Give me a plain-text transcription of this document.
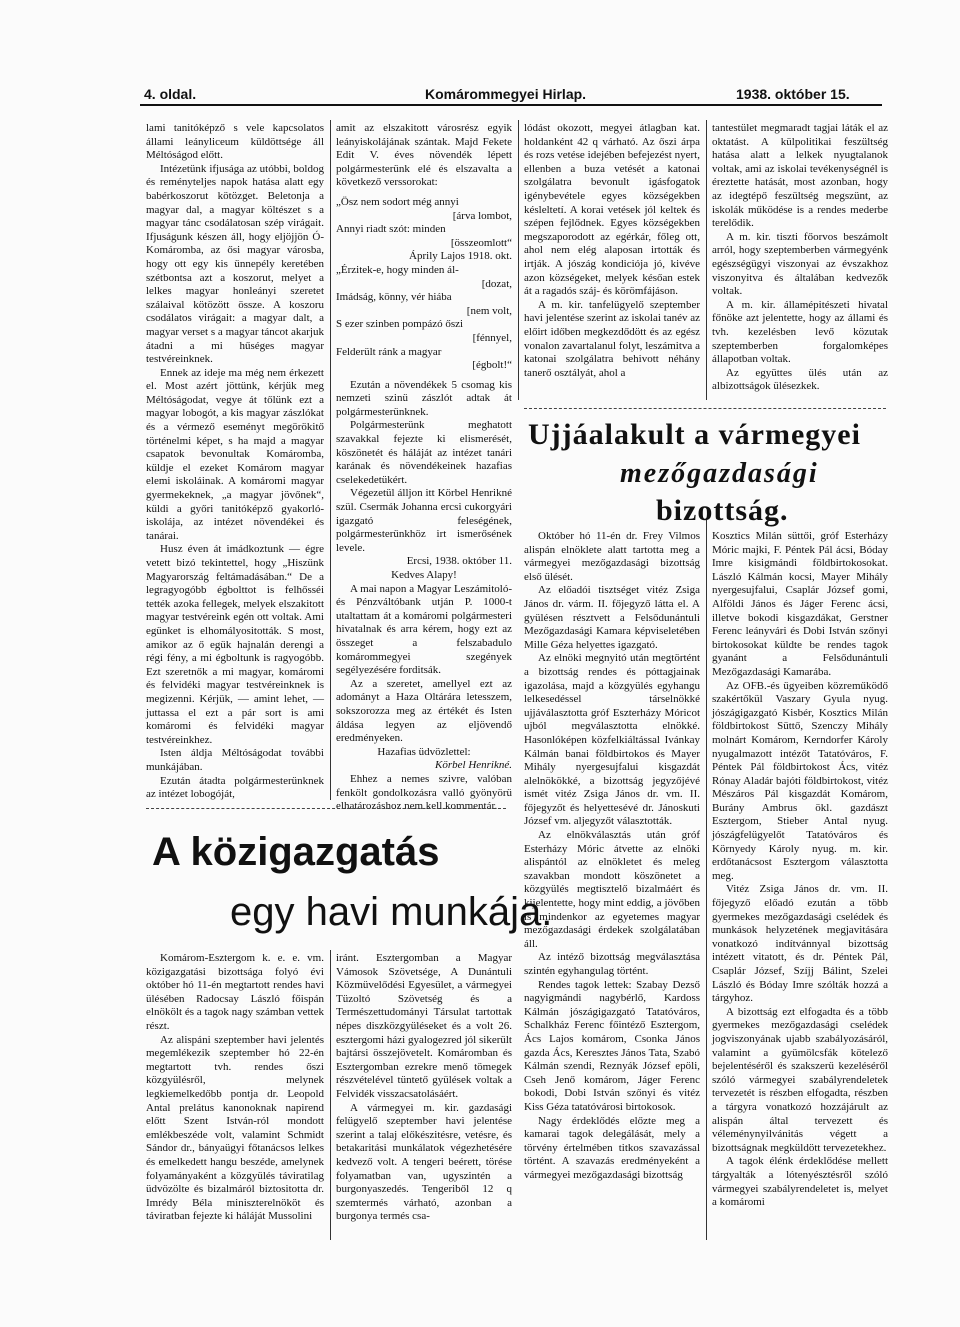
4. oldal.	Komárommegyei Hirlap.	1938. október 15.

lami tanitóképző s vele kapcsolatos állami leányliceum küldöttsége áll Méltóságod előtt.

Intézetünk ifjusága az utóbbi, boldog és reményteljes napok hatása alatt egy babérkoszorut kötözget. Beletonja a magyar dal, a magyar költészet s a magyar tánc csodálatosan szép virágait. Ifjuságunk készen áll, hogy eljöjjön Ó-Komáromba, az ősi magyar városba, hogy ott egy kis ünnepély keretében szétbontsa azt a koszorut, melyet a lelkes magyar honleányi szeretet szálaival kötözött össze. A koszoru csodálatos virágait: a magyar dalt, a magyar verset s a magyar táncot akarjuk átadni a mi hűséges magyar testvéreinknek.

Ennek az ideje ma még nem érkezett el. Most azért jöttünk, kérjük meg Méltóságodat, vegye át tőlünk ezt a magyar lobogót, a kis magyar zászlókat és a vérmező eseményt megörökitő történelmi képet, s ha majd a magyar csapatok bevonultak Komáromba, küldje el ezeket Komárom magyar elemi iskoláinak. A komáromi magyar gyermekeknek, „a magyar jövőnek“, küldi a győri tanitóképző gyakorló-iskolája, az intézet növendékei és tanárai.

Husz éven át imádkoztunk — égre vetett bizó tekintettel, hogy „Hiszünk Magyarország feltámadásában.“ De a legragyogóbb égbolttot is felhősséi tették azoka fellegek, melyek elszakitott magyar testvéreink egén ott voltak. Ami egünket is elhomályositották. S most, amikor az ő egük hajnalán derengi a régi fény, a mi égboltunk is ragyogóbb. Ezt szeretnők a mi magyar, komáromi és felvidéki magyar testvéreinknek is megizenni. Kérjük, — amint lehet, — juttassa el ezt a pár sort is ami komáromi és felvidéki magyar testvéreinkhez.

Isten áldja Méltóságodat további munkájában.

Ezután átadta polgármesterünknek az intézet lobogóját,

amit az elszakitott városrész egyik leányiskolájának szántak. Majd Fekete Edit V. éves növendék lépett polgármesterünk elé és elszavalta a következő verssorokat:

„Ösz nem sodort még annyi

[árva lombot,

Annyi riadt szót: minden

[összeomlott“

Áprily Lajos 1918. okt.

„Érzitek-e, hogy minden ál-

[dozat,

Imádság, könny, vér hiába

[nem volt,

S ezer szinben pompázó őszi

[fénnyel,

Felderült ránk a magyar

[égbolt!“

Ezután a növendékek 5 csomag kis nemzeti szinü zászlót adtak át polgármesterünknek.

Polgármesterünk meghatott szavakkal fejezte ki elismerését, köszönetét és háláját az intézet tanári karának és növendékeinek hazafias cselekedetükért.

Végezetül álljon itt Körbel Henrikné szül. Csermák Johanna ercsi cukorgyári igazgató feleségének, polgármesterünkhöz irt ismerősének levele.

Ercsi, 1938. október 11.

Kedves Alapy!

A mai napon a Magyar Leszámitoló- és Pénzváltóbank utján P. 1000-t utaltattam át a komáromi polgármesteri hivatalnak és arra kérem, hogy ezt az összeget a felszabadulo komárommegyei szegények segélyezésére forditsák.

Az a szeretet, amellyel ezt az adományt a Haza Oltárára letesszem, sokszorozza meg az értékét és Isten áldása legyen az eljövendő eredményeken.

Hazafias üdvözlettel:

Körbel Henrikné.

Ehhez a nemes szivre, valóban fenkölt gondolkozásra valló gyönyörü elhatározáshoz nem kell kommentár.

lódást okozott, megyei átlagban kat. holdanként 42 q várható. Az őszi árpa és rozs vetése idejében befejezést nyert, ellenben a buza vetését a katonai szolgálatra bevonult igásfogatok igénybevétele egyes községekben késleltetí. A korai vetések jól keltek és szépen fejlődnek. Egyes községekben megszaporodott az egérkár, főleg ott, ahol nem elég alaposan irtották és irtják. A jószág kondiciója jó, kivéve azon községeket, melyek későan estek át a ragadós száj- és körömfájáson.

A m. kir. tanfelügyelő szeptember havi jelentése szerint az iskolai tanév az előirt időben megkezdődött és az egész vonalon zavartalanul folyt, leszámitva a katonai szolgálatra behivott néhány tanerő osztályát, ahol a

tantestület megmaradt tagjai láták el az oktatást. A külpolitikai feszültség hatása alatt a lelkek nyugtalanok voltak, ami az iskolai tevékenységnél is éreztette hatását, most azonban, hogy az idegtépő feszültség megszünt, az iskolák működése is a rendes mederbe terelődik.

A m. kir. tiszti főorvos beszámolt arról, hogy szeptemberben vármegyénk egészségügyi viszonyai az évszakhoz viszonyitva és általában kedvezők voltak.

A m. kir. államépitészeti hivatal főnöke azt jelentette, hogy az állami és tvh. kezelésben levő közutak szeptemberben forgalomképes állapotban voltak.

Az együttes ülés után az albizottságok ülésezkek.

A közigazgatás
egy havi munkája.
Ujjáalakult a vármegyei
mezőgazdasági
bizottság.

Komárom-Esztergom k. e. e. vm. közigazgatási bizottsága folyó évi október hó 11-én megtartott rendes havi ülésében Radocsay László főispán elnökölt és a tagok nagy számban vettek részt.

Az alispáni szeptember havi jelentés megemlékezik szeptember hó 22-én megtartott tvh. rendes őszi közgyülésről, melynek legkiemelkedőbb pontja dr. Leopold Antal prelátus kanonoknak napirend előtt Szent István-ról mondott emlékbeszéde volt, valamint Schmidt Sándor dr., bányaügyi főtanácsos lelkes és emelkedett hangu beszéde, amelynek folyamányaként a közgyülés táviratilag üdvözölte és bizalmáról biztositotta dr. Imrédy Béla miniszterelnököt és táviratban fejezte ki háláját Mussolini

iránt. Esztergomban a Magyar Vámosok Szövetsége, A Dunántuli Közmüvelődési Egyesület, a vármegyei Tüzoltó Szövetség és a Természettudományi Társulat tartottak népes diszközgyüléseket és a volt 26. esztergomi házi gyalogezred jól sikerült bajtársi összejövetelt. Komáromban és Esztergomban ezrekre menő tömegek részvételével tüntető gyülések voltak a Felvidék visszacsatolásáért.

A vármegyei m. kir. gazdasági felügyelő szeptember havi jelentése szerint a talaj előkészitésre, vetésre, és betakaritási munkálatok végezhetésére kedvező volt. A tengeri beérett, törése folyamatban van, ugyszintén a burgonyaszedés. Tengeriből 12 q szemtermés várható, azonban a burgonya termés csa-

Október hó 11-én dr. Frey Vilmos alispán elnöklete alatt tartotta meg a vármegyei mezőgazdasági bizottság első ülését.

Az előadói tisztséget vitéz Zsiga János dr. várm. II. főjegyző látta el. A gyülésen résztvett a Felsődunántuli Mezőgazdasági Kamara képviseletében Mille Géza helyettes igazgató.

Az elnöki megnyitó után megtörtént a bizottság rendes és póttagjainak igazolása, majd a közgyülés egyhangu lelkesedéssel társelnökké ujjáválasztotta gróf Eszterházy Móricot ujból megválasztotta elnökké. Hasonlóképen közfelkiáltással Ivánkay Kálmán banai földbirtokos és Mayer Mihály nyergesujfalui kisgazdát alelnökökké, a bizottság jegyzőjévé ismét vitéz Zsiga János dr. vm. II. főjegyzőt és helyettesévé dr. Jánoskuti József vm. aljegyzőt választották.

Az elnökválasztás után gróf Esterházy Móric átvette az elnöki alispántól az elnökletet és meleg szavakban mondott köszönetet a közgyülés megtisztelő bizalmáért és kijelentette, hogy mint eddig, a jövőben is mindenkor az egyetemes magyar mezőgazdasági érdekek szolgálatában áll.

Az intéző bizottság megválasztása szintén egyhangulag történt.

Rendes tagok lettek: Szabay Dezső nagyigmándi nagybérlő, Kardoss Kálmán jószágigazgató Tatatóváros, Schalkház Ferenc főintéző Esztergom, Ács Lajos komárom, Csonka János gazda Ács, Keresztes János Tata, Szabó Kálmán szendi, Reznyák József epöli, Cseh Jenő komárom, Jáger Ferenc bokodi, Dobi István szőnyi és vitéz Kiss Géza tatatóvárosi birtokosok.

Nagy érdeklődés előzte meg a kamarai tagok delegálását, mely a törvény értelmében titkos szavazással történt. A szavazás eredményeként a vármegyei mezőgazdasági bizottság

Kosztics Milán süttői, gróf Esterházy Móric majki, F. Péntek Pál ácsi, Bóday Imre kisigmándi földbirtokosokat. László Kálmán kocsi, Mayer Mihály nyergesujfalui, Csaplár József gomi, Alföldi János és Jáger Ferenc ácsi, illetve bokodi kisgazdákat, Gerstner Ferenc leányvári és Dobi István szőnyi birtokosokat küldte be rendes tagok gyanánt a Felsődunántuli Mezőgazdasági Kamarába.

Az OFB.-és ügyeiben közreműködő szakértőkül Vaszary Gyula nyug. jószágigazgató Kisbér, Kosztics Milán földbirtokost Süttő, Szenczy Mihály molnárt Komárom, Kerndorfer Károly nyugalmazott intézőt Tatatóváros, F. Péntek Pál földbirtokost Ács, vitéz Rónay Aladár bajóti földbirtokost, vitéz Mészáros Pál kisgazdát Komárom, Burány Ambrus ökl. gazdászt Esztergom, Stieber Antal nyug. jószágfelügyelőt Tatatóváros és Környedy Károly nyug. m. kir. erdőtanácsost Esztergom választotta meg.

Vitéz Zsiga János dr. vm. II. főjegyző előadó ezután a több gyermekes mezőgazdasági cselédek és munkások helyzetének megjavitására vonatkozó indítvánnyal bizottság intézett vitatott, és dr. Péntek Pál, Csaplár József, Szíjj Bálint, Szelei László és Bóday Imre szólták hozzá a tárgyhoz.

A bizottság ezt elfogadta és a több gyermekes mezőgazdasági cselédek jogviszonyának ujabb szabályozásáról, valamint a gyümölcsfák kötelező bejelentéséről és szakszerü kezeléséről szóló vármegyei szabályrendeletek tervezetét is részben elfogadta, részben a tárgyra vonatkozó hozzájárult az alispán által tervezett és véleménynyilvánitás végett a bizottságnak megküldött tervezetekhez.

A tagok élénk érdeklődése mellett tárgyalták a lótenyésztésről szóló vármegyei szabályrendeletet is, melyet a komáromi
